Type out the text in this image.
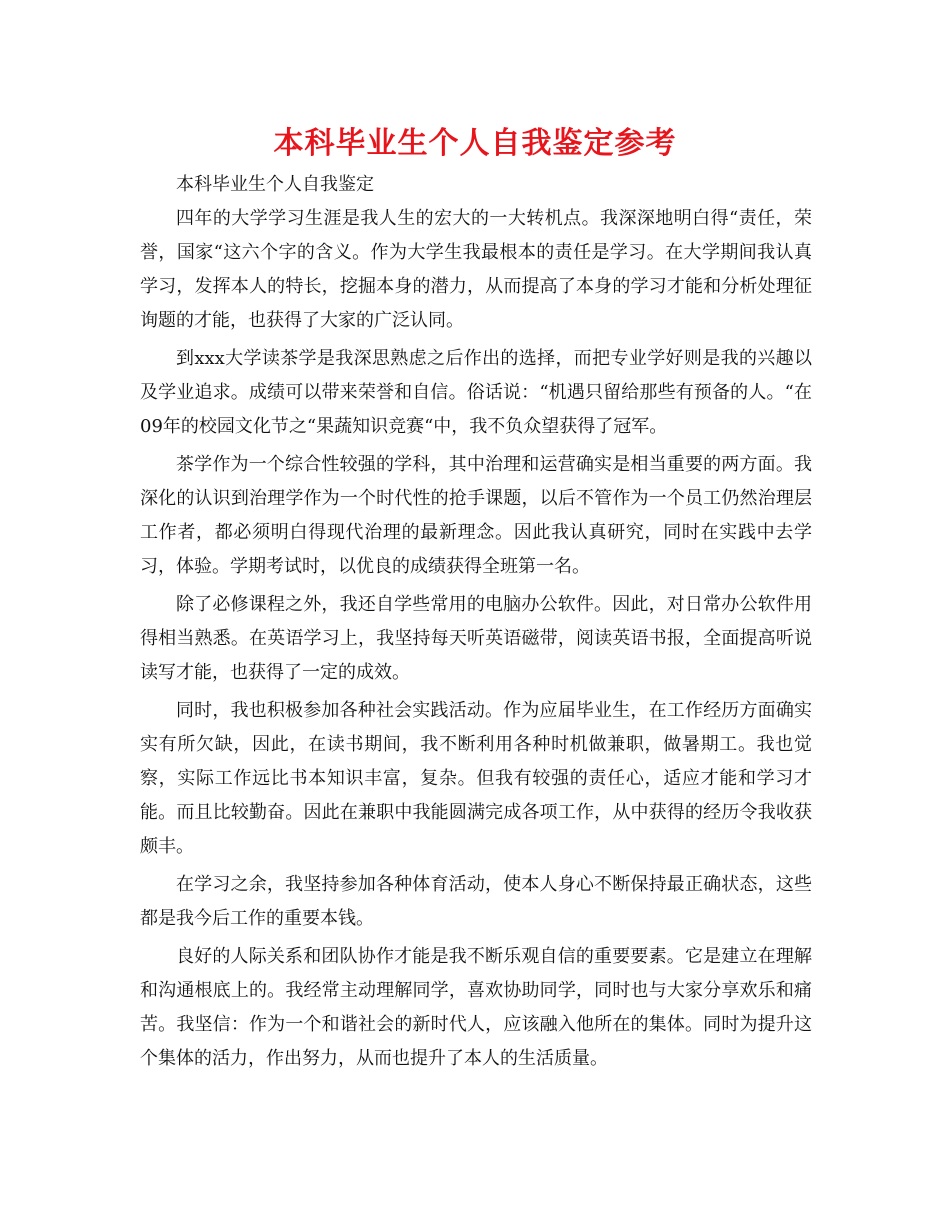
本科毕业生个人自我鉴定参考

本科毕业生个人自我鉴定

四年的大学学习生涯是我人生的宏大的一大转机点。我深深地明白得“责任，荣誉，国家“这六个字的含义。作为大学生我最根本的责任是学习。在大学期间我认真学习，发挥本人的特长，挖掘本身的潜力，从而提高了本身的学习才能和分析处理征询题的才能，也获得了大家的广泛认同。

到xxx大学读茶学是我深思熟虑之后作出的选择，而把专业学好则是我的兴趣以及学业追求。成绩可以带来荣誉和自信。俗话说：“机遇只留给那些有预备的人。“在09年的校园文化节之“果蔬知识竞赛“中，我不负众望获得了冠军。

茶学作为一个综合性较强的学科，其中治理和运营确实是相当重要的两方面。我深化的认识到治理学作为一个时代性的抢手课题，以后不管作为一个员工仍然治理层工作者，都必须明白得现代治理的最新理念。因此我认真研究，同时在实践中去学习，体验。学期考试时，以优良的成绩获得全班第一名。

除了必修课程之外，我还自学些常用的电脑办公软件。因此，对日常办公软件用得相当熟悉。在英语学习上，我坚持每天听英语磁带，阅读英语书报，全面提高听说读写才能，也获得了一定的成效。

同时，我也积极参加各种社会实践活动。作为应届毕业生，在工作经历方面确实实有所欠缺，因此，在读书期间，我不断利用各种时机做兼职，做暑期工。我也觉察，实际工作远比书本知识丰富，复杂。但我有较强的责任心，适应才能和学习才能。而且比较勤奋。因此在兼职中我能圆满完成各项工作，从中获得的经历令我收获颇丰。

在学习之余，我坚持参加各种体育活动，使本人身心不断保持最正确状态，这些都是我今后工作的重要本钱。

良好的人际关系和团队协作才能是我不断乐观自信的重要要素。它是建立在理解和沟通根底上的。我经常主动理解同学，喜欢协助同学，同时也与大家分享欢乐和痛苦。我坚信：作为一个和谐社会的新时代人，应该融入他所在的集体。同时为提升这个集体的活力，作出努力，从而也提升了本人的生活质量。
